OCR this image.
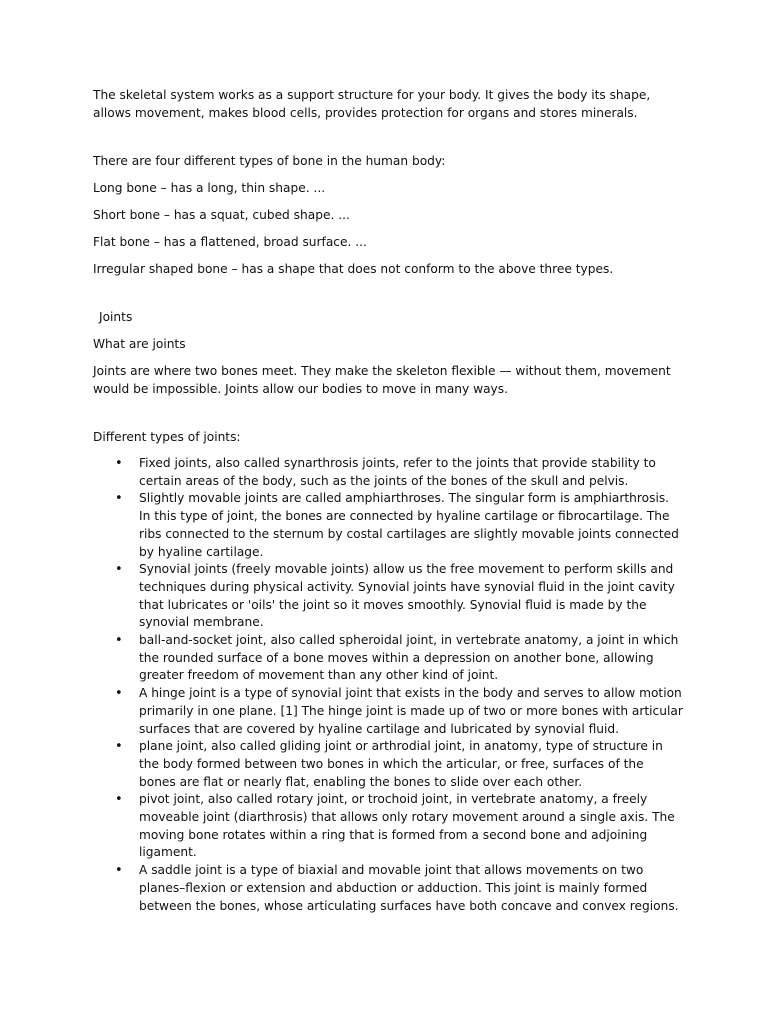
The skeletal system works as a support structure for your body. It gives the body its shape, allows movement, makes blood cells, provides protection for organs and stores minerals.

There are four different types of bone in the human body:

Long bone – has a long, thin shape. ...

Short bone – has a squat, cubed shape. ...

Flat bone – has a flattened, broad surface. ...

Irregular shaped bone – has a shape that does not conform to the above three types.

Joints

What are joints

Joints are where two bones meet. They make the skeleton flexible — without them, movement would be impossible. Joints allow our bodies to move in many ways.

Different types of joints:

• Fixed joints, also called synarthrosis joints, refer to the joints that provide stability to certain areas of the body, such as the joints of the bones of the skull and pelvis.
• Slightly movable joints are called amphiarthroses. The singular form is amphiarthrosis. In this type of joint, the bones are connected by hyaline cartilage or fibrocartilage. The ribs connected to the sternum by costal cartilages are slightly movable joints connected by hyaline cartilage.
• Synovial joints (freely movable joints) allow us the free movement to perform skills and techniques during physical activity. Synovial joints have synovial fluid in the joint cavity that lubricates or 'oils' the joint so it moves smoothly. Synovial fluid is made by the synovial membrane.
• ball-and-socket joint, also called spheroidal joint, in vertebrate anatomy, a joint in which the rounded surface of a bone moves within a depression on another bone, allowing greater freedom of movement than any other kind of joint.
• A hinge joint is a type of synovial joint that exists in the body and serves to allow motion primarily in one plane. [1] The hinge joint is made up of two or more bones with articular surfaces that are covered by hyaline cartilage and lubricated by synovial fluid.
• plane joint, also called gliding joint or arthrodial joint, in anatomy, type of structure in the body formed between two bones in which the articular, or free, surfaces of the bones are flat or nearly flat, enabling the bones to slide over each other.
• pivot joint, also called rotary joint, or trochoid joint, in vertebrate anatomy, a freely moveable joint (diarthrosis) that allows only rotary movement around a single axis. The moving bone rotates within a ring that is formed from a second bone and adjoining ligament.
• A saddle joint is a type of biaxial and movable joint that allows movements on two planes–flexion or extension and abduction or adduction. This joint is mainly formed between the bones, whose articulating surfaces have both concave and convex regions.
